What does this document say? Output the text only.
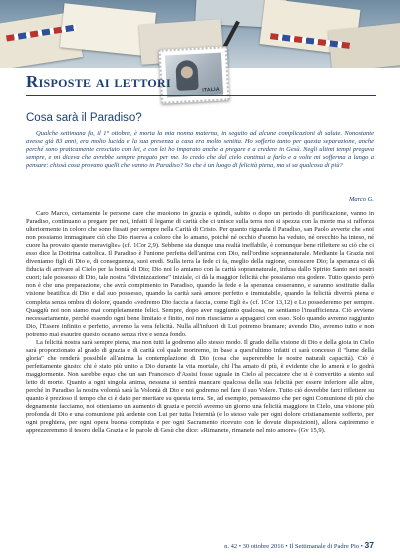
ITALIA
Risposte ai lettori
Cosa sarà il Paradiso?

Qualche settimana fa, il 1° ottobre, è morta la mia nonna materna, in seguito ad alcune complicazioni di salute. Nonostante avesse già 83 anni, era molto lucida e la sua presenza a casa era molto sentita. Ho sofferto tanto per questa separazione, anche perché sono praticamente cresciuto con lei, e con lei ho imparato anche a pregare e a credere in Gesù. Negli ultimi tempi pregava sempre, e mi diceva che avrebbe sempre pregato per me. Io credo che dal cielo continui a farlo e a volte mi sofferma a lungo a pensare: chissà cosa provano quelli che vanno in Paradiso? So che è un luogo di felicità piena, ma si sa qualcosa di più?

Marco G.

Caro Marco, certamente le persone care che muoiono in grazia e quindi, subito o dopo un periodo di purificazione, vanno in Paradiso, continuano a pregare per noi, infatti il legame di carità che ci unisce sulla terra non si spezza con la morte ma si rafforza ulteriormente in coloro che sono fissati per sempre nella Carità di Cristo. Per quanto riguarda il Paradiso, san Paolo avverte che «noi non possiamo immaginare ciò che Dio riserva a coloro che lo amano, poiché né occhio d'uomo ha veduto, né orecchio ha inteso, né cuore ha provato queste meraviglie» (cf. 1Cor 2,9). Sebbene sia dunque una realtà ineffabile, è comunque bene riflettere su ciò che ci esso dice la Dottrina cattolica. Il Paradiso è l'unione perfetta dell'anima con Dio, nell'ordine soprannaturale. Mediante la Grazia noi diveniamo figli di Dio e, di conseguenza, suoi eredi. Sulla terra la fede ci fa, meglio della ragione, conoscere Dio; la speranza ci dà fiducia di arrivare al Cielo per la bontà di Dio; Dio noi lo amiamo con la carità soprannaturale, infusa dallo Spirito Santo nei nostri cuori; tale possesso di Dio, tale nostra "divinizzazione" iniziale, ci dà la maggior felicità che possiamo ora godere. Tutto questo però non è che una preparazione, che avrà compimento in Paradiso, quando la fede e la speranza cesseranno, e saranno sostituite dalla visione beatifica di Dio e dal suo possesso, quando la carità sarà amore perfetto e immutabile, quando la felicità diverrà piena e completa senza ombra di dolore, quando «vedremo Dio faccia a faccia, come Egli è» (cf. 1Cor 13,12) e Lo possederemo per sempre. Quaggiù noi non siamo mai completamente felici. Sempre, dopo aver raggiunto qualcosa, ne sentiamo l'insufficienza. Ciò avviene necessariamente, perché essendo ogni bene limitato e finito, noi non riusciamo a appagarci con esso. Solo quando avremo raggiunto Dio, l'Essere infinito e perfetto, avremo la vera felicità. Nulla all'infuori di Lui potremo bramare; avendo Dio, avremo tutto e non potremo mai esaurire questo oceano senza rive e senza fondo.

La felicità nostra sarà sempre piena, ma non tutti la godremo allo stesso modo. Il grado della visione di Dio e della gioia in Cielo sarà proporzionato al grado di grazia e di carità col quale moriremo, in base a quest'ultimo infatti ci sarà concesso il "lume della gloria" che renderà possibile all'anima la contemplazione di Dio (cosa che supererebbe le nostre naturali capacità). Ciò è perfettamente giusto: chi è stato più unito a Dio durante la vita mortale, chi l'ha amato di più, è evidente che lo amerà e lo godrà maggiormente. Non sarebbe equo che un san Francesco d'Assisi fosse uguale in Cielo al peccatore che si è convertito a stento sul letto di morte. Quanto a ogni singola anima, nessuna si sentirà mancare qualcosa della sua felicità per essere inferiore alle altre, perché in Paradiso la nostra volontà sarà la Volontà di Dio e noi godremo nel fare il suo Volere. Tutto ciò dovrebbe farci riflettere su quanto è prezioso il tempo che ci è dato per meritare su questa terra. Se, ad esempio, pensassimo che per ogni Comunione di più che degnamente facciamo, noi otteniamo un aumento di grazia e perciò avremo un giorno una felicità maggiore in Cielo, una visione più profonda di Dio e una comunione più ardente con Lui per tutta l'eternità (e lo stesso vale per ogni dolore cristianamente sofferto, per ogni preghiera, per ogni opera buona compiuta e per ogni Sacramento ricevuto con le dovute disposizioni), allora capiremmo e apprezzeremmo il tesoro della Grazia e le parole di Gesù che dice: «Rimanete, rimanete nel mio amore» (Gv 15,9).

n. 42 • 30 ottobre 2016 • Il Settimanale di Padre Pio • 37
